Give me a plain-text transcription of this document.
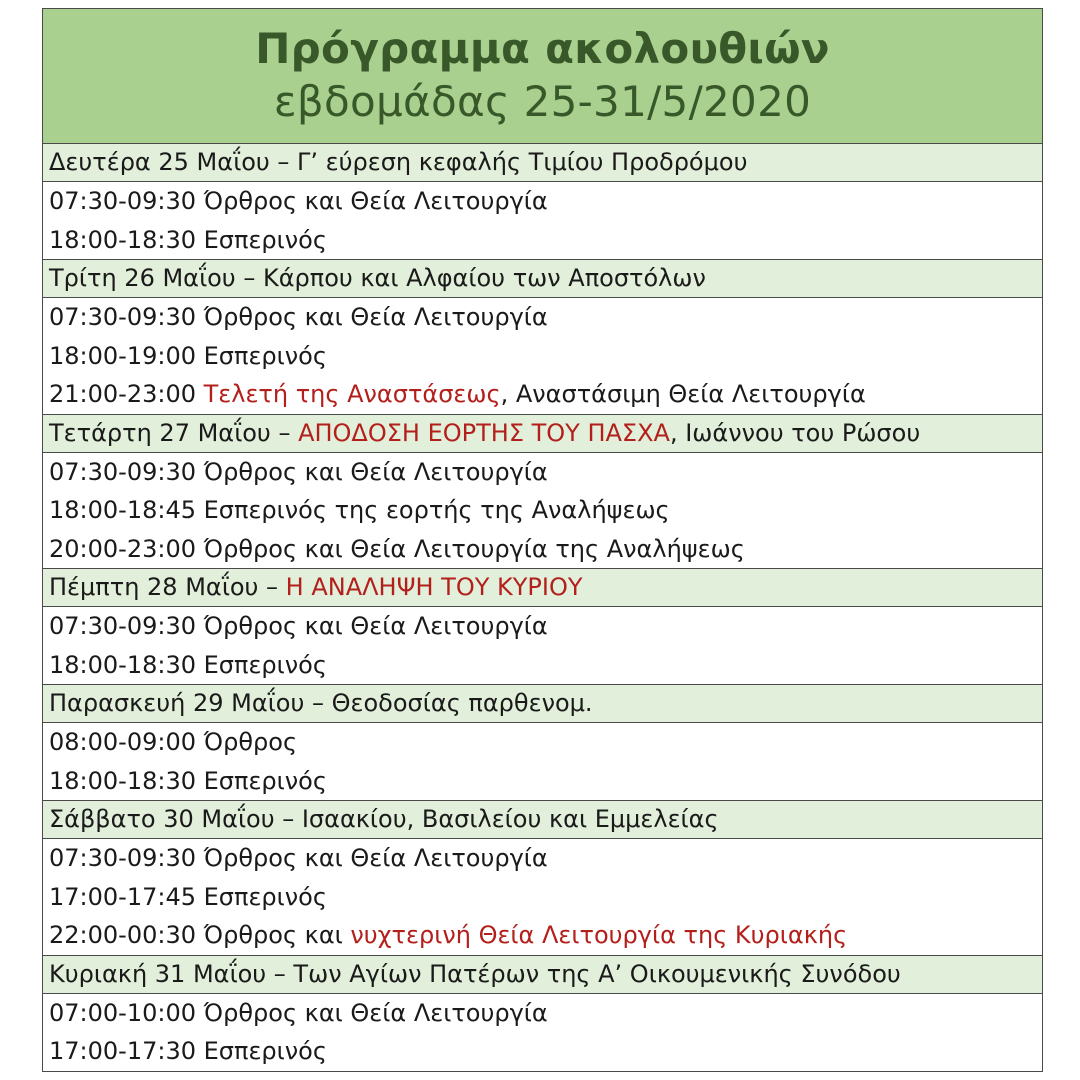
Πρόγραμμα ακολουθιών
εβδομάδας 25-31/5/2020
Δευτέρα 25 Μαΐου – Γ’ εύρεση κεφαλής Τιμίου Προδρόμου
07:30-09:30 Όρθρος και Θεία Λειτουργία
18:00-18:30 Εσπερινός
Τρίτη 26 Μαΐου – Κάρπου και Αλφαίου των Αποστόλων
07:30-09:30 Όρθρος και Θεία Λειτουργία
18:00-19:00 Εσπερινός
21:00-23:00 Τελετή της Αναστάσεως, Αναστάσιμη Θεία Λειτουργία
Τετάρτη 27 Μαΐου – ΑΠΟΔΟΣΗ ΕΟΡΤΗΣ ΤΟΥ ΠΑΣΧΑ, Ιωάννου του Ρώσου
07:30-09:30 Όρθρος και Θεία Λειτουργία
18:00-18:45 Εσπερινός της εορτής της Αναλήψεως
20:00-23:00 Όρθρος και Θεία Λειτουργία της Αναλήψεως
Πέμπτη 28 Μαΐου – Η ΑΝΑΛΗΨΗ ΤΟΥ ΚΥΡΙΟΥ
07:30-09:30 Όρθρος και Θεία Λειτουργία
18:00-18:30 Εσπερινός
Παρασκευή 29 Μαΐου – Θεοδοσίας παρθενομ.
08:00-09:00 Όρθρος
18:00-18:30 Εσπερινός
Σάββατο 30 Μαΐου – Ισαακίου, Βασιλείου και Εμμελείας
07:30-09:30 Όρθρος και Θεία Λειτουργία
17:00-17:45 Εσπερινός
22:00-00:30 Όρθρος και νυχτερινή Θεία Λειτουργία της Κυριακής
Κυριακή 31 Μαΐου – Των Αγίων Πατέρων της Α’ Οικουμενικής Συνόδου
07:00-10:00 Όρθρος και Θεία Λειτουργία
17:00-17:30 Εσπερινός
